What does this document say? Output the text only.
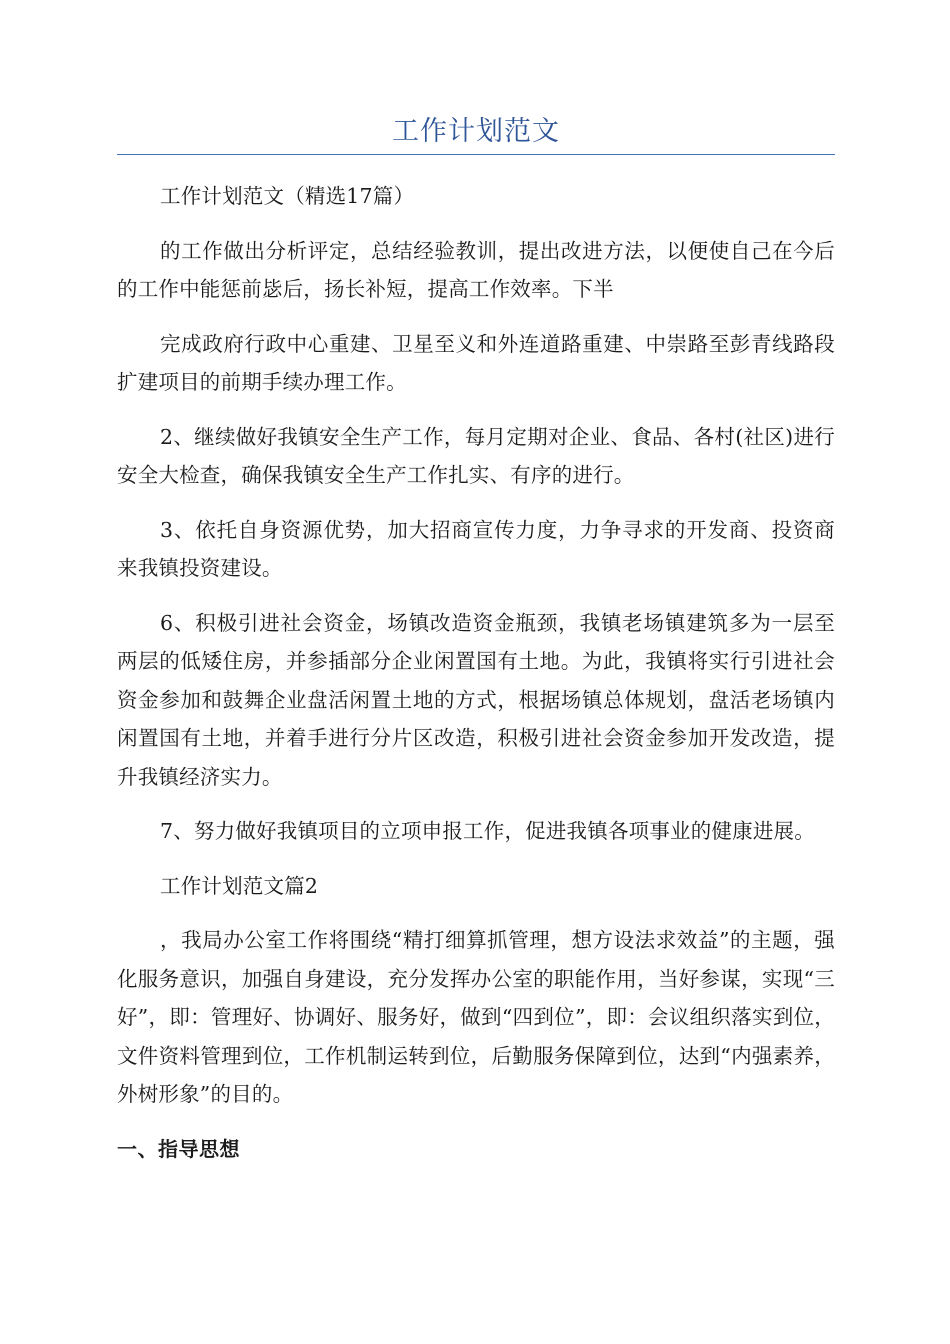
工作计划范文

工作计划范文（精选17篇）

的工作做出分析评定，总结经验教训，提出改进方法，以便使自己在今后的工作中能惩前毖后，扬长补短，提高工作效率。下半

完成政府行政中心重建、卫星至义和外连道路重建、中崇路至彭青线路段扩建项目的前期手续办理工作。

2、继续做好我镇安全生产工作，每月定期对企业、食品、各村(社区)进行安全大检查，确保我镇安全生产工作扎实、有序的进行。

3、依托自身资源优势，加大招商宣传力度，力争寻求的开发商、投资商来我镇投资建设。

6、积极引进社会资金，场镇改造资金瓶颈，我镇老场镇建筑多为一层至两层的低矮住房，并参插部分企业闲置国有土地。为此，我镇将实行引进社会资金参加和鼓舞企业盘活闲置土地的方式，根据场镇总体规划，盘活老场镇内闲置国有土地，并着手进行分片区改造，积极引进社会资金参加开发改造，提升我镇经济实力。

7、努力做好我镇项目的立项申报工作，促进我镇各项事业的健康进展。

工作计划范文篇2

，我局办公室工作将围绕“精打细算抓管理，想方设法求效益”的主题，强化服务意识，加强自身建设，充分发挥办公室的职能作用，当好参谋，实现“三好”，即：管理好、协调好、服务好，做到“四到位”，即：会议组织落实到位，文件资料管理到位，工作机制运转到位，后勤服务保障到位，达到“内强素养，外树形象”的目的。

一、指导思想
